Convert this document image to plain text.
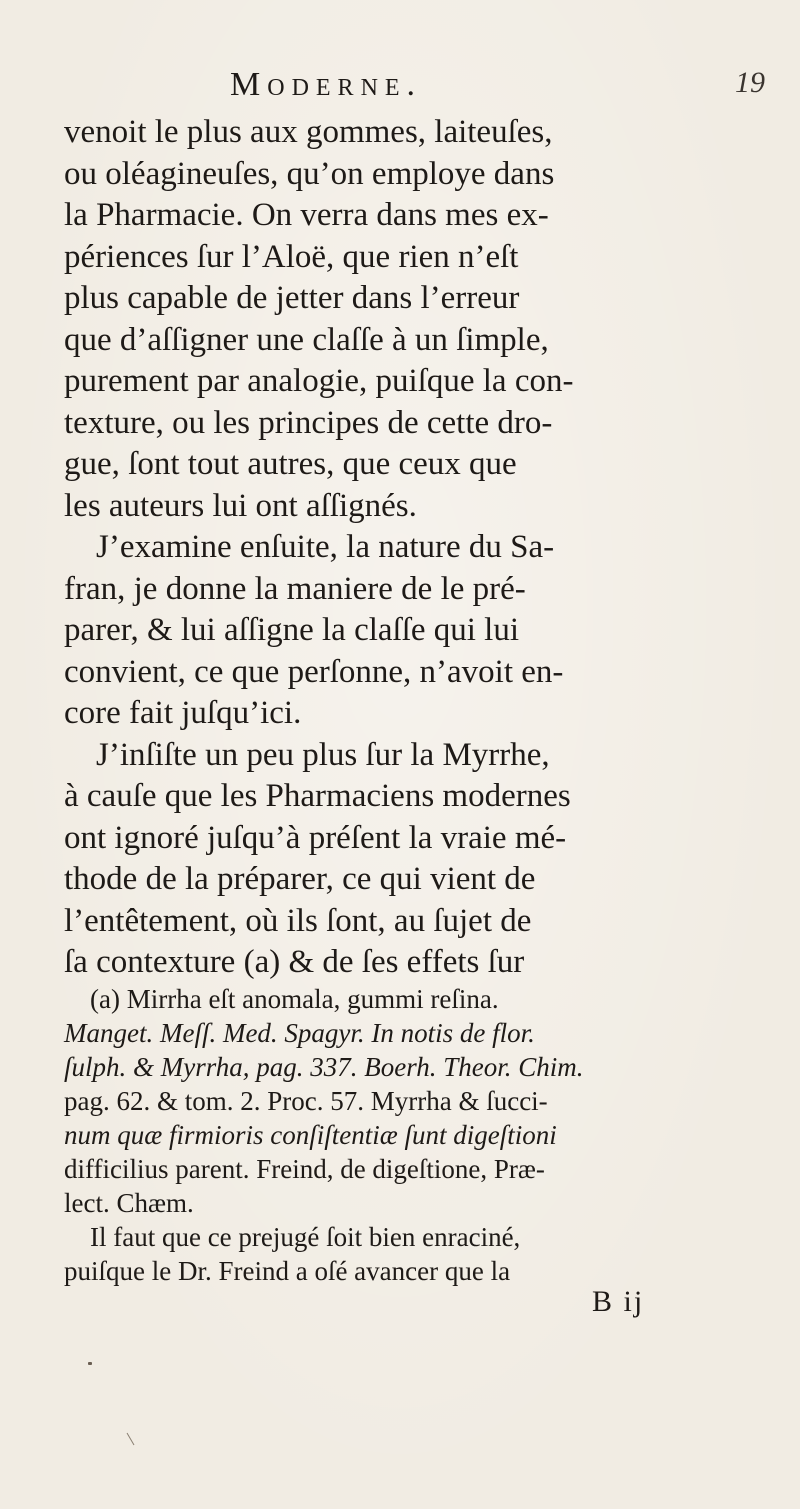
Moderne.	19
venoit le plus aux gommes, laiteuſes,
ou oléagineuſes, qu’on employe dans
la Pharmacie. On verra dans mes ex-
périences ſur l’Aloë, que rien n’eſt
plus capable de jetter dans l’erreur
que d’aſſigner une claſſe à un ſimple,
purement par analogie, puiſque la con-
texture, ou les principes de cette dro-
gue, ſont tout autres, que ceux que
les auteurs lui ont aſſignés.
J’examine enſuite, la nature du Sa-
fran, je donne la maniere de le pré-
parer, & lui aſſigne la claſſe qui lui
convient, ce que perſonne, n’avoit en-
core fait juſqu’ici.
J’inſiſte un peu plus ſur la Myrrhe,
à cauſe que les Pharmaciens modernes
ont ignoré juſqu’à préſent la vraie mé-
thode de la préparer, ce qui vient de
l’entêtement, où ils ſont, au ſujet de
ſa contexture (a) & de ſes effets ſur
(a) Mirrha eſt anomala, gummi reſina.
Manget. Meſſ. Med. Spagyr. In notis de flor.
ſulph. & Myrrha, pag. 337. Boerh. Theor. Chim.
pag. 62. & tom. 2. Proc. 57. Myrrha & ſucci-
num quæ firmioris conſiſtentiæ ſunt digeſtioni
difficilius parent. Freind, de digeſtione, Præ-
lect. Chæm.
Il faut que ce prejugé ſoit bien enraciné,
puiſque le Dr. Freind a oſé avancer que la
B ij
